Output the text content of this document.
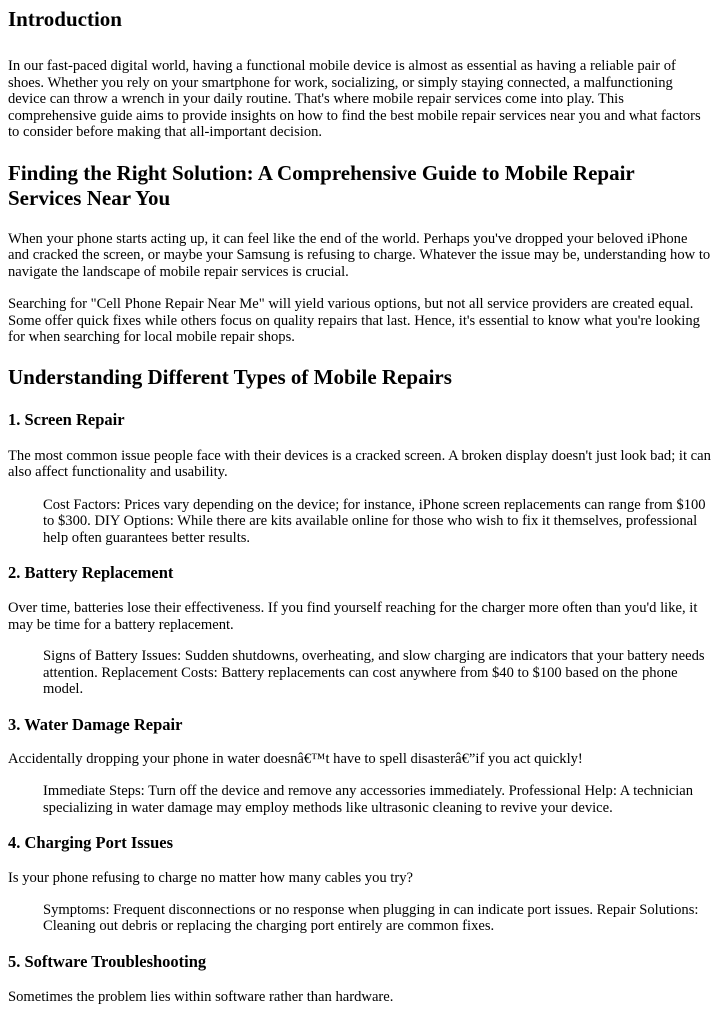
Introduction

In our fast-paced digital world, having a functional mobile device is almost as essential as having a reliable pair of shoes. Whether you rely on your smartphone for work, socializing, or simply staying connected, a malfunctioning device can throw a wrench in your daily routine. That's where mobile repair services come into play. This comprehensive guide aims to provide insights on how to find the best mobile repair services near you and what factors to consider before making that all-important decision.

Finding the Right Solution: A Comprehensive Guide to Mobile Repair Services Near You

When your phone starts acting up, it can feel like the end of the world. Perhaps you've dropped your beloved iPhone and cracked the screen, or maybe your Samsung is refusing to charge. Whatever the issue may be, understanding how to navigate the landscape of mobile repair services is crucial.

Searching for "Cell Phone Repair Near Me" will yield various options, but not all service providers are created equal. Some offer quick fixes while others focus on quality repairs that last. Hence, it's essential to know what you're looking for when searching for local mobile repair shops.

Understanding Different Types of Mobile Repairs
1. Screen Repair

The most common issue people face with their devices is a cracked screen. A broken display doesn't just look bad; it can also affect functionality and usability.

Cost Factors: Prices vary depending on the device; for instance, iPhone screen replacements can range from $100 to $300. DIY Options: While there are kits available online for those who wish to fix it themselves, professional help often guarantees better results.
2. Battery Replacement

Over time, batteries lose their effectiveness. If you find yourself reaching for the charger more often than you'd like, it may be time for a battery replacement.

Signs of Battery Issues: Sudden shutdowns, overheating, and slow charging are indicators that your battery needs attention. Replacement Costs: Battery replacements can cost anywhere from $40 to $100 based on the phone model.
3. Water Damage Repair

Accidentally dropping your phone in water doesnâ€™t have to spell disasterâ€”if you act quickly!

Immediate Steps: Turn off the device and remove any accessories immediately. Professional Help: A technician specializing in water damage may employ methods like ultrasonic cleaning to revive your device.
4. Charging Port Issues

Is your phone refusing to charge no matter how many cables you try?

Symptoms: Frequent disconnections or no response when plugging in can indicate port issues. Repair Solutions: Cleaning out debris or replacing the charging port entirely are common fixes.
5. Software Troubleshooting

Sometimes the problem lies within software rather than hardware.
